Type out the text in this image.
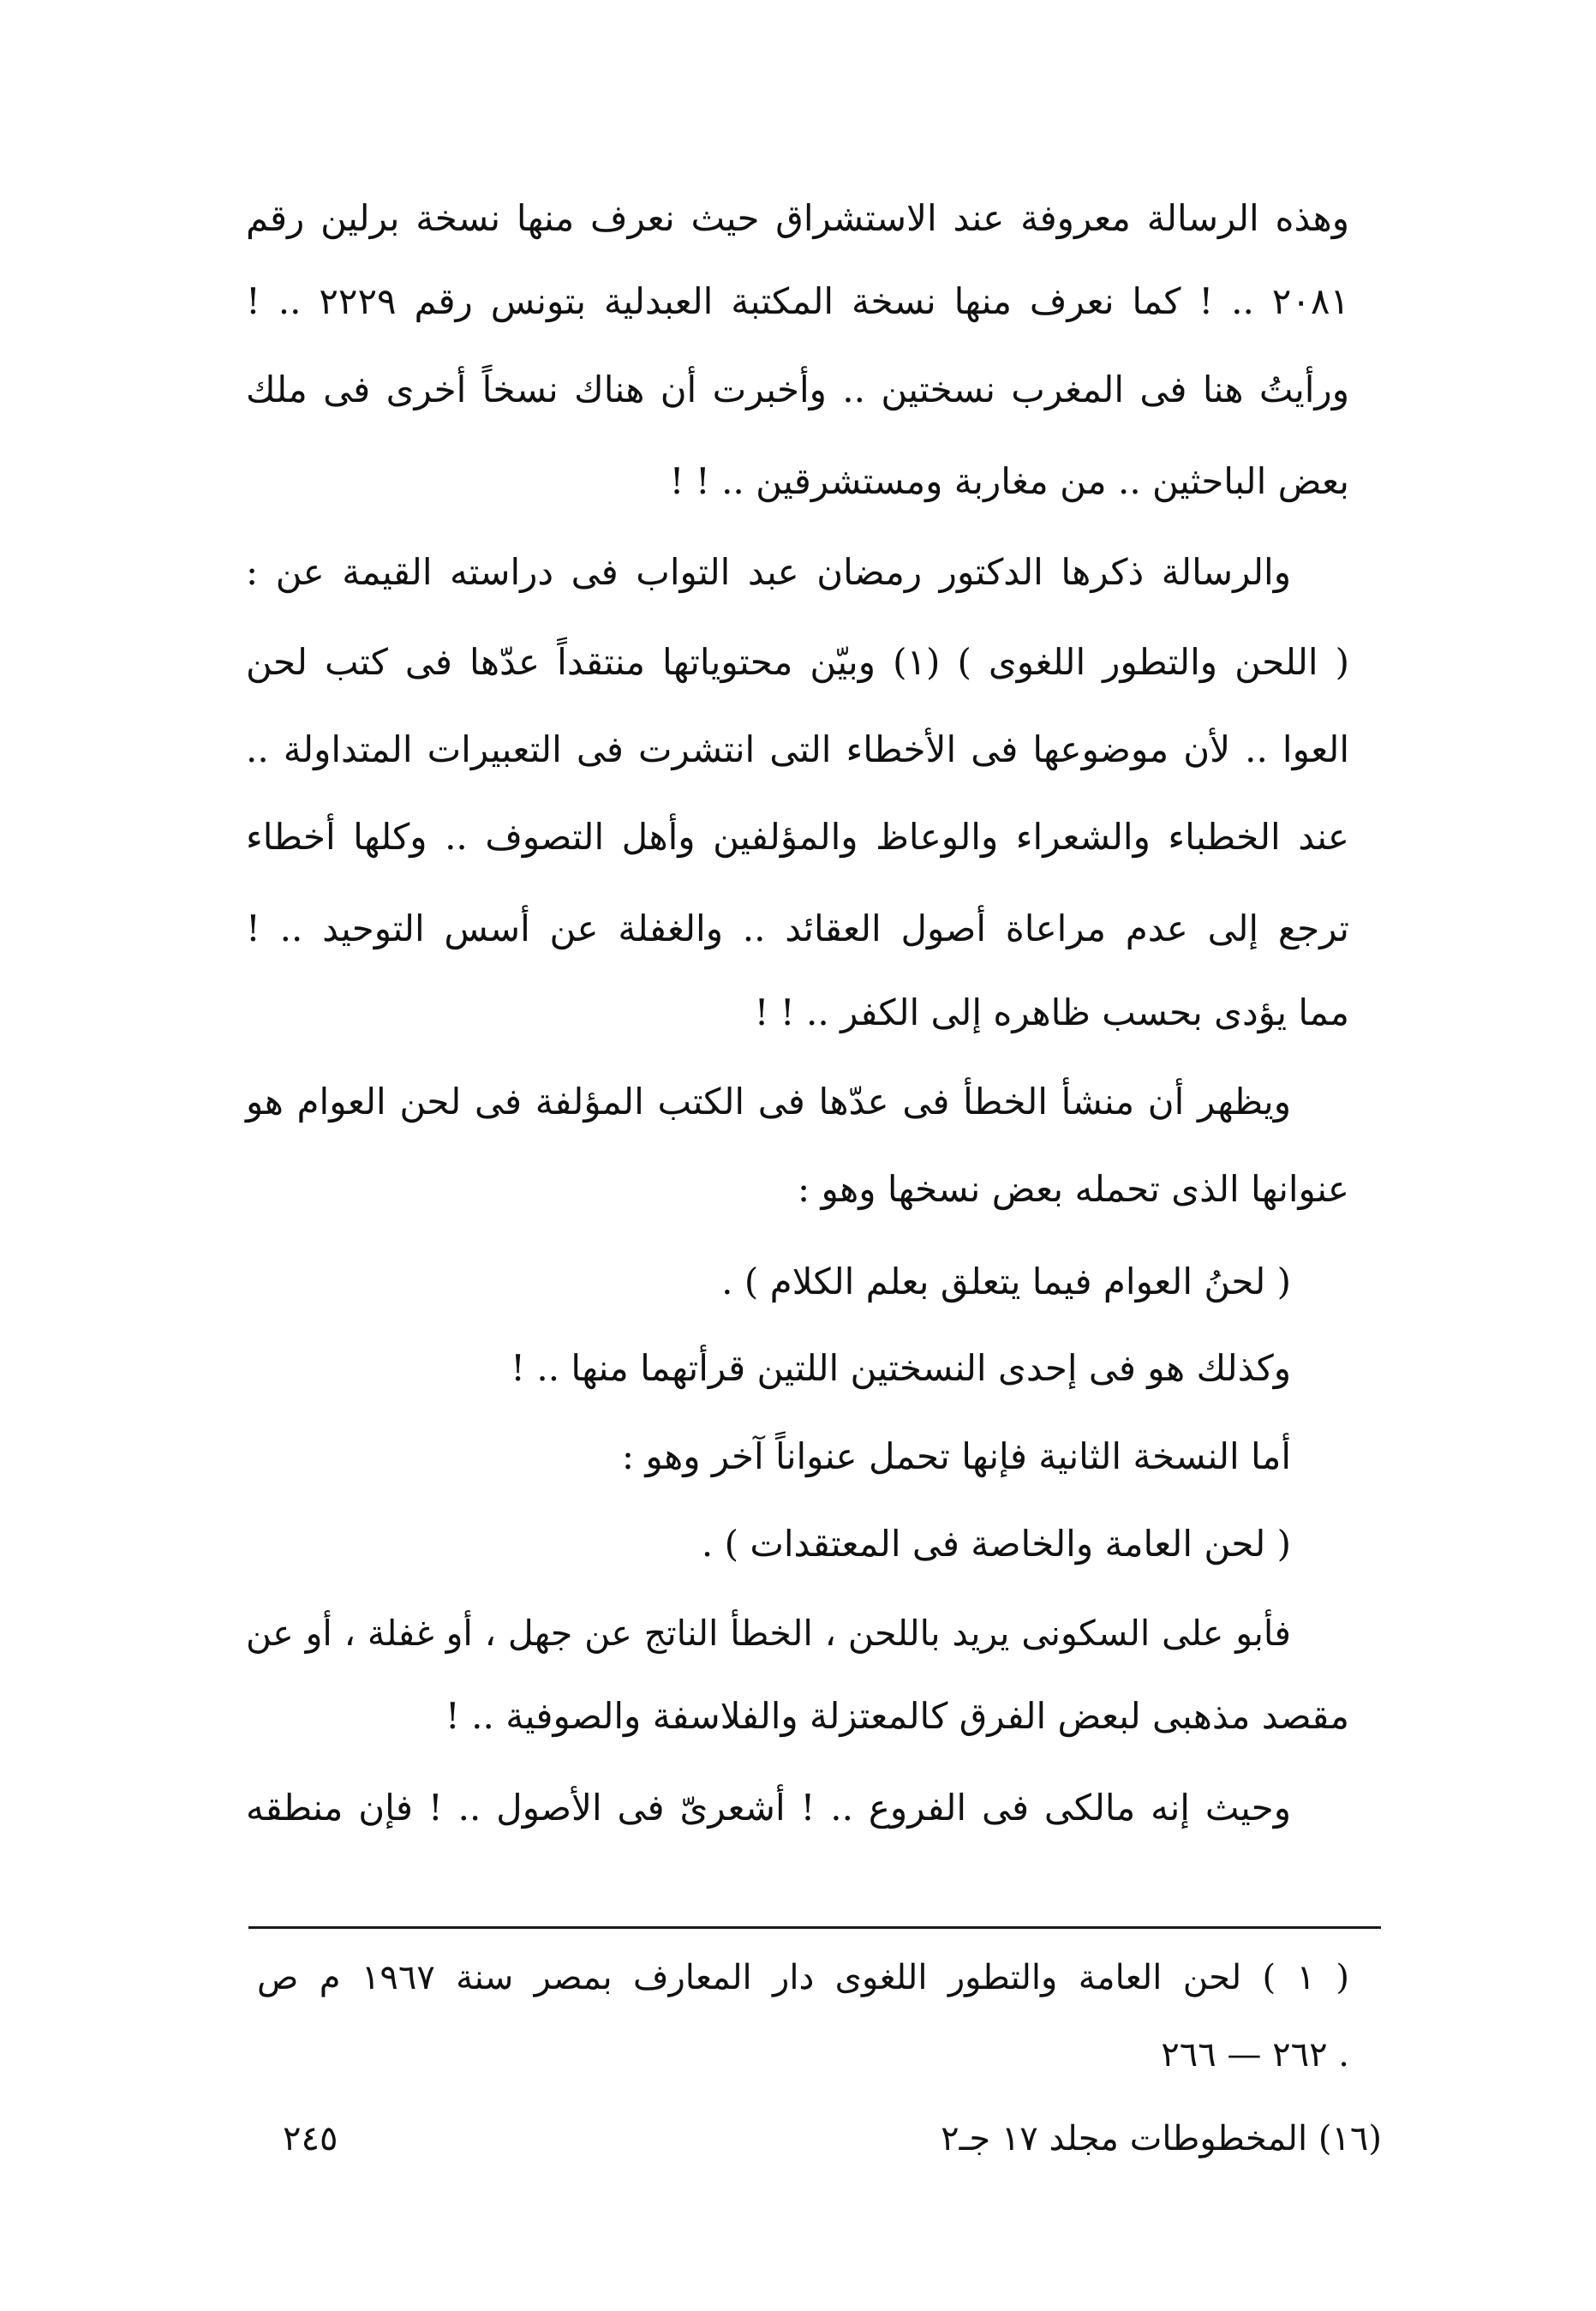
وهذه الرسالة معروفة عند الاستشراق حيث نعرف منها نسخة برلين رقم
٢٠٨١ .. ! كما نعرف منها نسخة المكتبة العبدلية بتونس رقم ٢٢٢٩ .. !
ورأيتُ هنا فى المغرب نسختين .. وأخبرت أن هناك نسخاً أخرى فى ملك
بعض الباحثين .. من مغاربة ومستشرقين .. ! !
والرسالة ذكرها الدكتور رمضان عبد التواب فى دراسته القيمة عن :
( اللحن والتطور اللغوى ) (١) وبيّن محتوياتها منتقداً عدّها فى كتب لحن
العوا .. لأن موضوعها فى الأخطاء التى انتشرت فى التعبيرات المتداولة ..
عند الخطباء والشعراء والوعاظ والمؤلفين وأهل التصوف .. وكلها أخطاء
ترجع إلى عدم مراعاة أصول العقائد .. والغفلة عن أسس التوحيد .. !
مما يؤدى بحسب ظاهره إلى الكفر .. ! !
ويظهر أن منشأ الخطأ فى عدّها فى الكتب المؤلفة فى لحن العوام هو
عنوانها الذى تحمله بعض نسخها وهو :
( لحنُ العوام فيما يتعلق بعلم الكلام ) .
وكذلك هو فى إحدى النسختين اللتين قرأتهما منها .. !
أما النسخة الثانية فإنها تحمل عنواناً آخر وهو :
( لحن العامة والخاصة فى المعتقدات ) .
فأبو على السكونى يريد باللحن ، الخطأ الناتج عن جهل ، أو غفلة ، أو عن
مقصد مذهبى لبعض الفرق كالمعتزلة والفلاسفة والصوفية .. !
وحيث إنه مالكى فى الفروع .. ! أشعرىّ فى الأصول .. ! فإن منطقه
( ١ ) لحن العامة والتطور اللغوى دار المعارف بمصر سنة ١٩٦٧ م ص
٢٦٢ — ٢٦٦ .
٢٤٥	(١٦) المخطوطات مجلد ١٧ جـ٢
